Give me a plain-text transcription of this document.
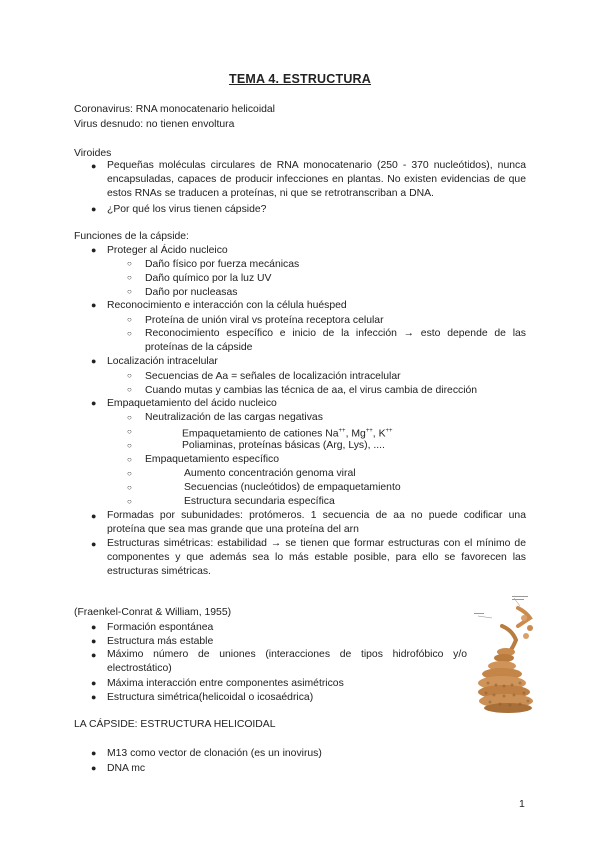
TEMA 4. ESTRUCTURA
Coronavirus: RNA monocatenario helicoidal
Virus desnudo: no tienen envoltura
Viroides
● Pequeñas moléculas circulares de RNA monocatenario (250 - 370 nucleótidos), nunca encapsuladas, capaces de producir infecciones en plantas. No existen evidencias de que estos RNAs se traducen a proteínas, ni que se retrotranscriban a DNA.
● ¿Por qué los virus tienen cápside?
Funciones de la cápside:
● Proteger al Ácido nucleico
○ Daño físico por fuerza mecánicas
○ Daño químico por la luz UV
○ Daño por nucleasas
● Reconocimiento e interacción con la célula huésped
○ Proteína de unión viral vs proteína receptora celular
○ Reconocimiento específico e inicio de la infección → esto depende de las proteínas de la cápside
● Localización intracelular
○ Secuencias de Aa = señales de localización intracelular
○ Cuando mutas y cambias las técnica de aa, el virus cambia de dirección
● Empaquetamiento del ácido nucleico
○ Neutralización de las cargas negativas
○	Empaquetamiento de cationes Na++, Mg++, K++
○	Poliaminas, proteínas básicas (Arg, Lys), ....
○ Empaquetamiento específico
○	Aumento concentración genoma viral
○	Secuencias (nucleótidos) de empaquetamiento
○	Estructura secundaria específica
● Formadas por subunidades: protómeros. 1 secuencia de aa no puede codificar una proteína que sea mas grande que una proteína del arn
● Estructuras simétricas: estabilidad → se tienen que formar estructuras con el mínimo de componentes y que además sea lo más estable posible, para ello se favorecen las estructuras simétricas.
(Fraenkel-Conrat & William, 1955)
● Formación espontánea
● Estructura más estable
● Máximo número de uniones (interacciones de tipos hidrofóbico y/o electrostático)
● Máxima interacción entre componentes asimétricos
● Estructura simétrica(helicoidal o icosaédrica)
LA CÁPSIDE: ESTRUCTURA HELICOIDAL
● M13 como vector de clonación (es un inovirus)
● DNA mc
1
